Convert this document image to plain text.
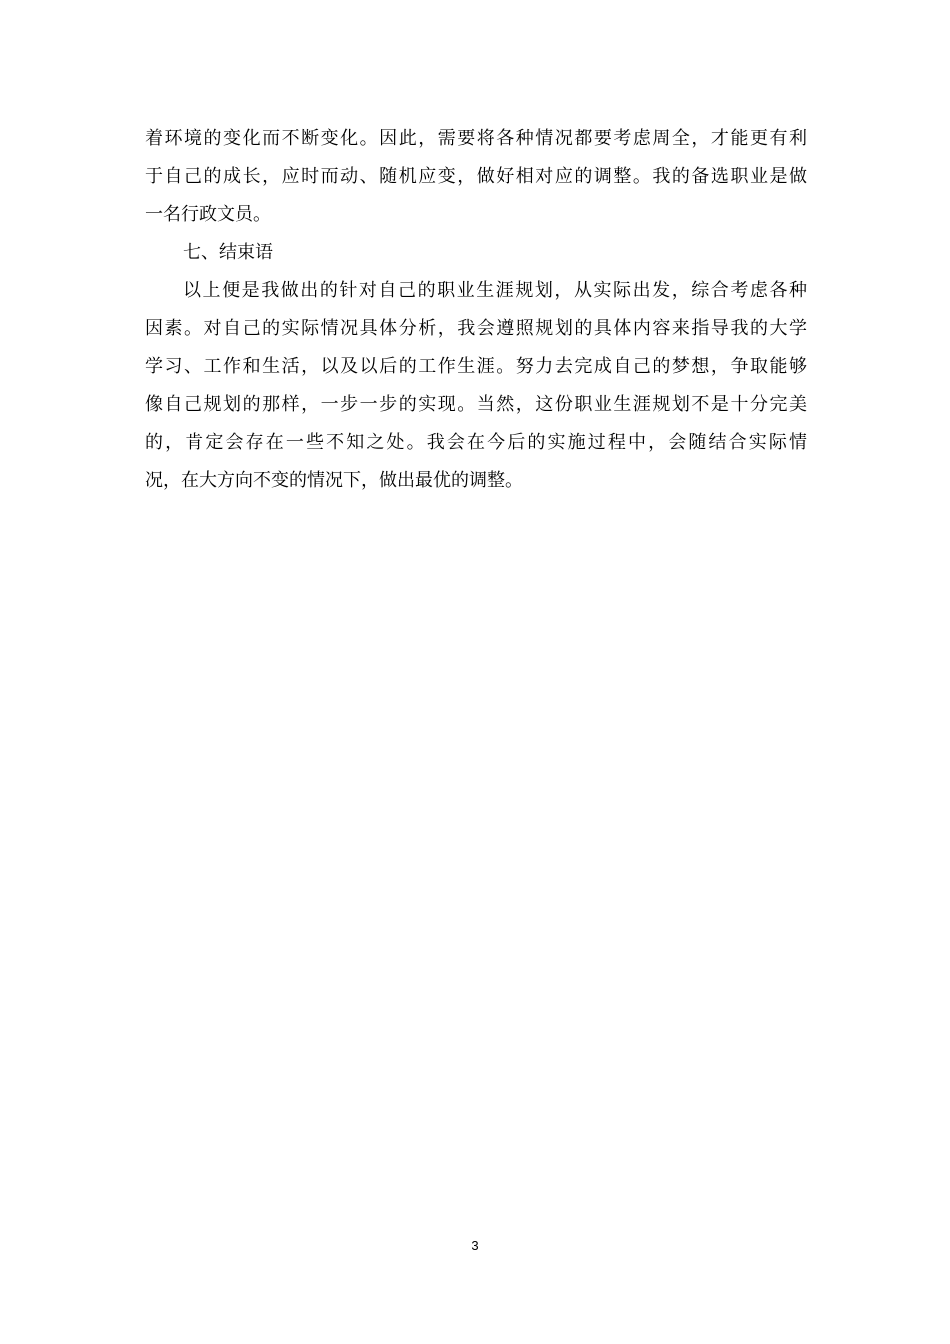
着环境的变化而不断变化。因此，需要将各种情况都要考虑周全，才能更有利
于自己的成长，应时而动、随机应变，做好相对应的调整。我的备选职业是做
一名行政文员。
七、结束语
以上便是我做出的针对自己的职业生涯规划，从实际出发，综合考虑各种
因素。对自己的实际情况具体分析，我会遵照规划的具体内容来指导我的大学
学习、工作和生活，以及以后的工作生涯。努力去完成自己的梦想，争取能够
像自己规划的那样，一步一步的实现。当然，这份职业生涯规划不是十分完美
的，肯定会存在一些不知之处。我会在今后的实施过程中，会随结合实际情
况，在大方向不变的情况下，做出最优的调整。
3
